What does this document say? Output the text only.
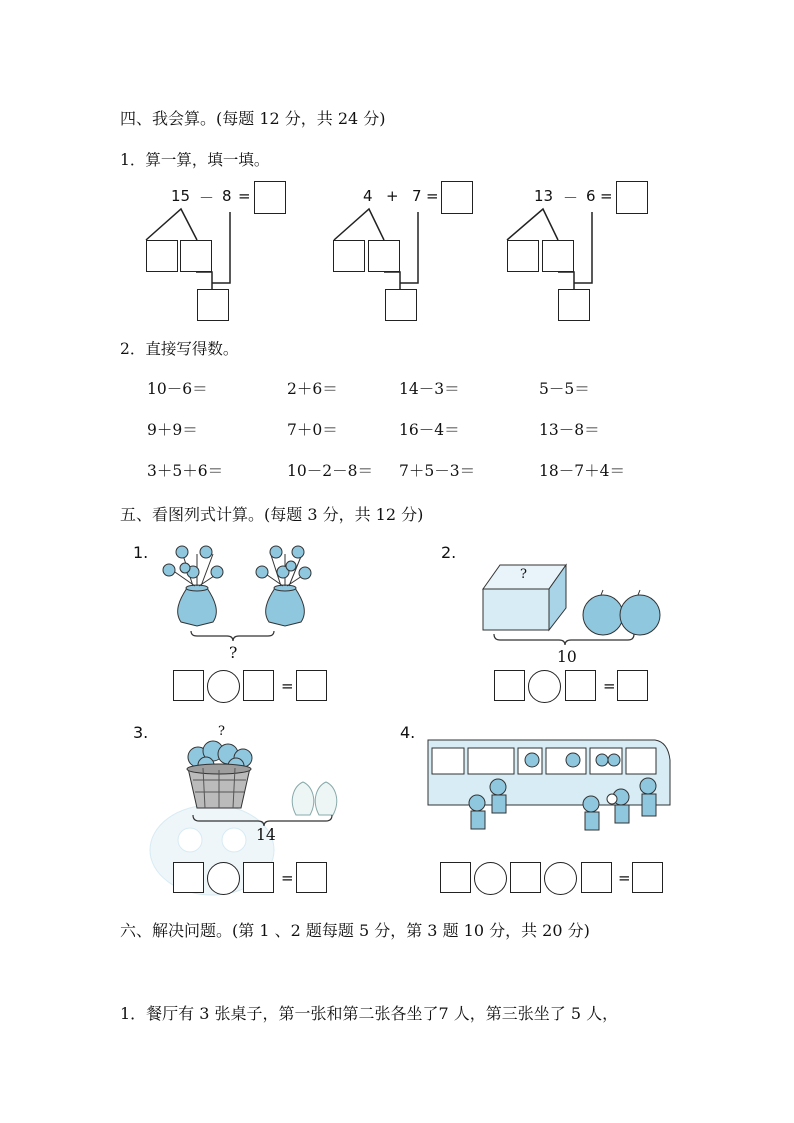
四、我会算。(每题 12 分，共 24 分)
1．算一算，填一填。
15 － 8 =	4 + 7 =	13 － 6 =
2．直接写得数。
10－6＝	2＋6＝	14－3＝	5－5＝
9＋9＝	7＋0＝	16－4＝	13－8＝
3＋5＋6＝	10－2－8＝ 7＋5－3＝	18－7＋4＝
五、看图列式计算。(每题 3 分，共 12 分)
1.
?
=
2.
?
10
=
3.	?
14
=
4.
=
六、解决问题。(第 1 、2 题每题 5 分，第 3 题 10 分，共 20 分)
1．餐厅有 3 张桌子，第一张和第二张各坐了7 人，第三张坐了 5 人，
